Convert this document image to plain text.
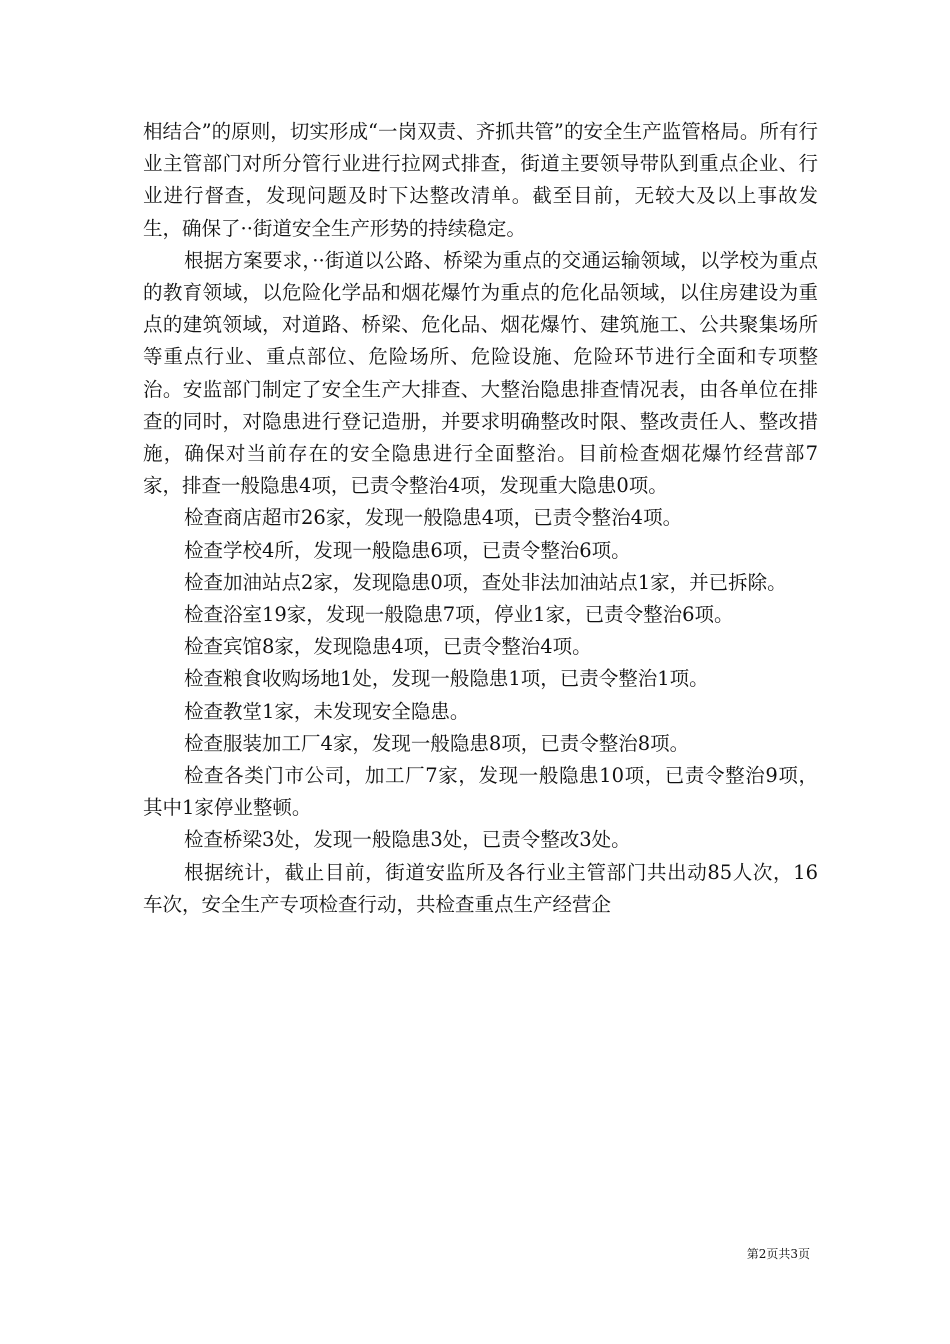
相结合”的原则，切实形成“一岗双责、齐抓共管”的安全生产监管格局。所有行业主管部门对所分管行业进行拉网式排查，街道主要领导带队到重点企业、行业进行督查，发现问题及时下达整改清单。截至目前，无较大及以上事故发生，确保了··街道安全生产形势的持续稳定。

根据方案要求，··街道以公路、桥梁为重点的交通运输领域，以学校为重点的教育领域，以危险化学品和烟花爆竹为重点的危化品领域，以住房建设为重点的建筑领域，对道路、桥梁、危化品、烟花爆竹、建筑施工、公共聚集场所等重点行业、重点部位、危险场所、危险设施、危险环节进行全面和专项整治。安监部门制定了安全生产大排查、大整治隐患排查情况表，由各单位在排查的同时，对隐患进行登记造册，并要求明确整改时限、整改责任人、整改措施，确保对当前存在的安全隐患进行全面整治。目前检查烟花爆竹经营部7家，排查一般隐患4项，已责令整治4项，发现重大隐患0项。

检查商店超市26家，发现一般隐患4项，已责令整治4项。

检查学校4所，发现一般隐患6项，已责令整治6项。

检查加油站点2家，发现隐患0项，查处非法加油站点1家，并已拆除。

检查浴室19家，发现一般隐患7项，停业1家，已责令整治6项。

检查宾馆8家，发现隐患4项，已责令整治4项。

检查粮食收购场地1处，发现一般隐患1项，已责令整治1项。

检查教堂1家，未发现安全隐患。

检查服装加工厂4家，发现一般隐患8项，已责令整治8项。

检查各类门市公司，加工厂7家，发现一般隐患10项，已责令整治9项，其中1家停业整顿。

检查桥梁3处，发现一般隐患3处，已责令整改3处。

根据统计，截止目前，街道安监所及各行业主管部门共出动85人次，16车次，安全生产专项检查行动，共检查重点生产经营企

第2页共3页
